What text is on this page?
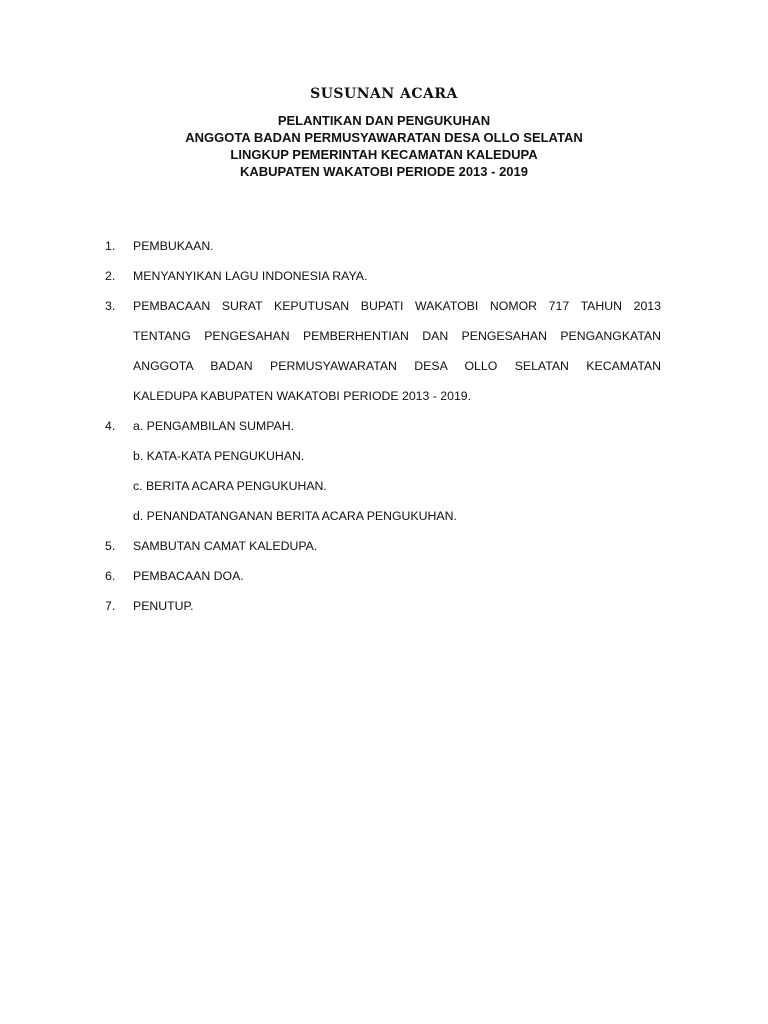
SUSUNAN ACARA
PELANTIKAN DAN PENGUKUHAN
ANGGOTA BADAN PERMUSYAWARATAN DESA OLLO SELATAN
LINGKUP PEMERINTAH KECAMATAN KALEDUPA
KABUPATEN WAKATOBI PERIODE 2013 - 2019
1. PEMBUKAAN.
2. MENYANYIKAN LAGU INDONESIA RAYA.
3. PEMBACAAN SURAT KEPUTUSAN BUPATI WAKATOBI NOMOR 717 TAHUN 2013
TENTANG PENGESAHAN PEMBERHENTIAN DAN PENGESAHAN PENGANGKATAN
ANGGOTA BADAN PERMUSYAWARATAN DESA OLLO SELATAN KECAMATAN
KALEDUPA KABUPATEN WAKATOBI PERIODE 2013 - 2019.
4. a. PENGAMBILAN SUMPAH.
b. KATA-KATA PENGUKUHAN.
c. BERITA ACARA PENGUKUHAN.
d. PENANDATANGANAN BERITA ACARA PENGUKUHAN.
5. SAMBUTAN CAMAT KALEDUPA.
6. PEMBACAAN DOA.
7. PENUTUP.
